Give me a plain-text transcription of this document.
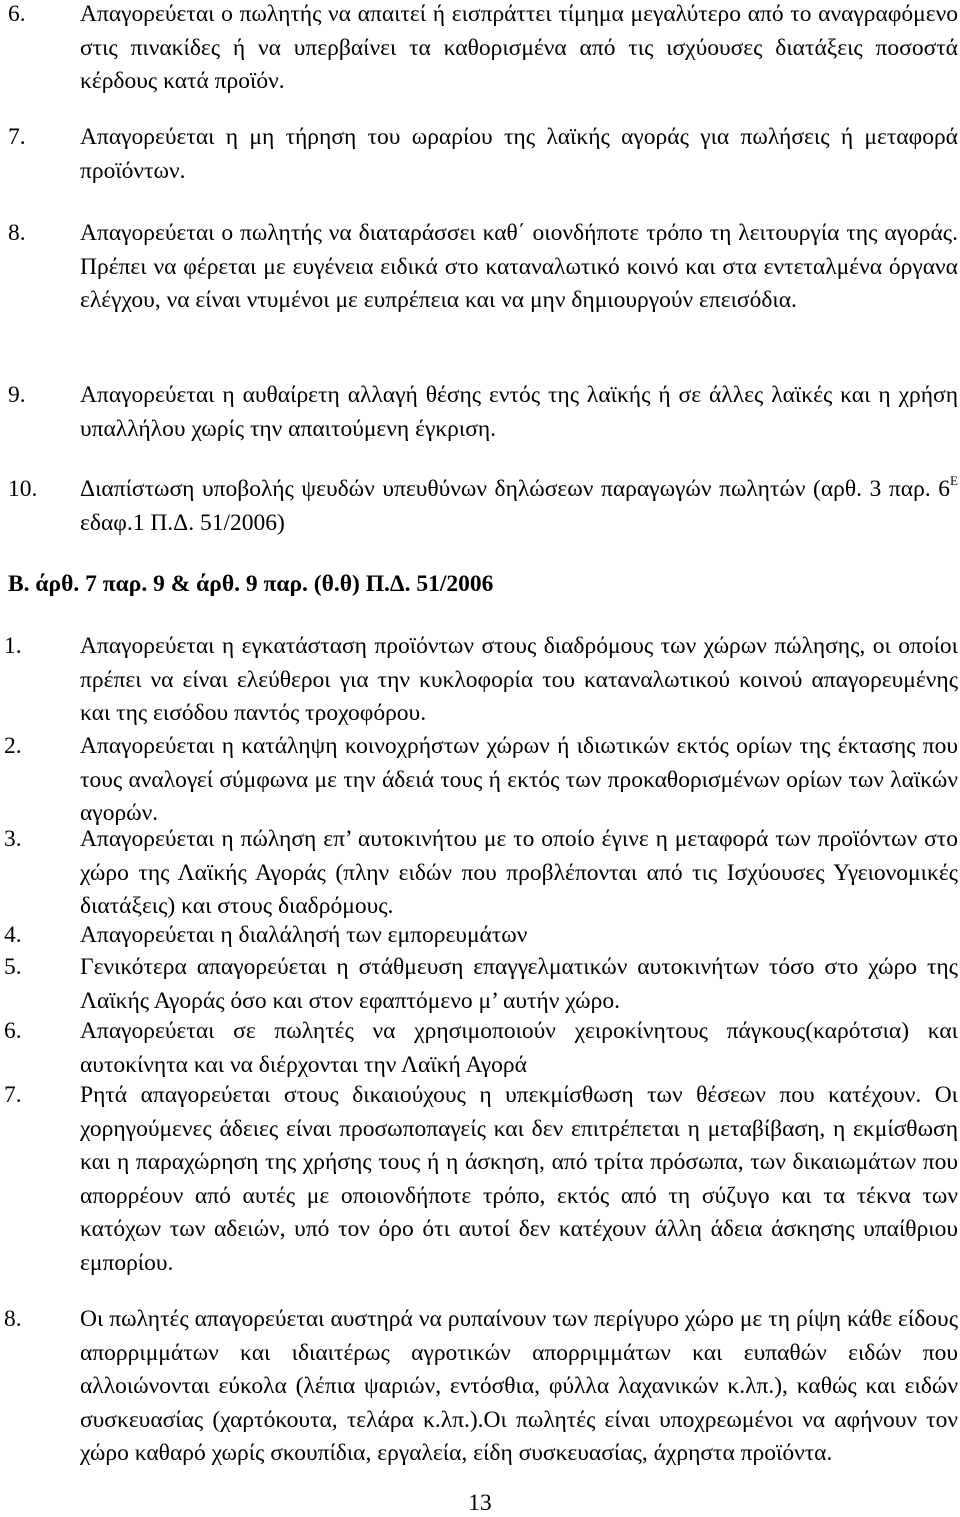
6.	Απαγορεύεται ο πωλητής να απαιτεί ή εισπράττει τίμημα μεγαλύτερο από το αναγραφόμενο στις πινακίδες ή να υπερβαίνει τα καθορισμένα από τις ισχύουσες διατάξεις ποσοστά κέρδους κατά προϊόν.
7.	Απαγορεύεται η μη τήρηση του ωραρίου της λαϊκής αγοράς για πωλήσεις ή μεταφορά προϊόντων.
8.	Απαγορεύεται ο πωλητής να διαταράσσει καθ΄ οιονδήποτε τρόπο τη λειτουργία της αγοράς. Πρέπει να φέρεται με ευγένεια ειδικά στο καταναλωτικό κοινό και στα εντεταλμένα όργανα ελέγχου, να είναι ντυμένοι με ευπρέπεια και να μην δημιουργούν επεισόδια.
9.	Απαγορεύεται η αυθαίρετη αλλαγή θέσης εντός της λαϊκής ή σε άλλες λαϊκές και η χρήση υπαλλήλου χωρίς την απαιτούμενη έγκριση.
10.	Διαπίστωση υποβολής ψευδών υπευθύνων δηλώσεων παραγωγών πωλητών (αρθ. 3 παρ. $6^E$ εδαφ.1 Π.Δ. 51/2006)
Β. άρθ. 7 παρ. 9 & άρθ. 9 παρ. (θ.θ) Π.Δ. 51/2006
1.	Απαγορεύεται η εγκατάσταση προϊόντων στους διαδρόμους των χώρων πώλησης, οι οποίοι πρέπει να είναι ελεύθεροι για την κυκλοφορία του καταναλωτικού κοινού απαγορευμένης και της εισόδου παντός τροχοφόρου.
2.	Απαγορεύεται η κατάληψη κοινοχρήστων χώρων ή ιδιωτικών εκτός ορίων της έκτασης που τους αναλογεί σύμφωνα με την άδειά τους ή εκτός των προκαθορισμένων ορίων των λαϊκών αγορών.
3.	Απαγορεύεται η πώληση επ’ αυτοκινήτου με το οποίο έγινε η μεταφορά των προϊόντων στο χώρο της Λαϊκής Αγοράς (πλην ειδών που προβλέπονται από τις Ισχύουσες Υγειονομικές διατάξεις) και στους διαδρόμους.
4.	Απαγορεύεται η διαλάλησή των εμπορευμάτων
5.	Γενικότερα απαγορεύεται η στάθμευση επαγγελματικών αυτοκινήτων τόσο στο χώρο της Λαϊκής Αγοράς όσο και στον εφαπτόμενο μ’ αυτήν χώρο.
6.	Απαγορεύεται σε πωλητές να χρησιμοποιούν χειροκίνητους πάγκους(καρότσια) και αυτοκίνητα και να διέρχονται την Λαϊκή Αγορά
7.	Ρητά απαγορεύεται στους δικαιούχους η υπεκμίσθωση των θέσεων που κατέχουν. Οι χορηγούμενες άδειες είναι προσωποπαγείς και δεν επιτρέπεται η μεταβίβαση, η εκμίσθωση και η παραχώρηση της χρήσης τους ή η άσκηση, από τρίτα πρόσωπα, των δικαιωμάτων που απορρέουν από αυτές με οποιονδήποτε τρόπο, εκτός από τη σύζυγο και τα τέκνα των κατόχων των αδειών, υπό τον όρο ότι αυτοί δεν κατέχουν άλλη άδεια άσκησης υπαίθριου εμπορίου.
8.	Οι πωλητές απαγορεύεται αυστηρά να ρυπαίνουν των περίγυρο χώρο με τη ρίψη κάθε είδους απορριμμάτων και ιδιαιτέρως αγροτικών απορριμμάτων και ευπαθών ειδών που αλλοιώνονται εύκολα (λέπια ψαριών, εντόσθια, φύλλα λαχανικών κ.λπ.), καθώς και ειδών συσκευασίας (χαρτόκουτα, τελάρα κ.λπ.).Οι πωλητές είναι υποχρεωμένοι να αφήνουν τον χώρο καθαρό χωρίς σκουπίδια, εργαλεία, είδη συσκευασίας, άχρηστα προϊόντα.
13
